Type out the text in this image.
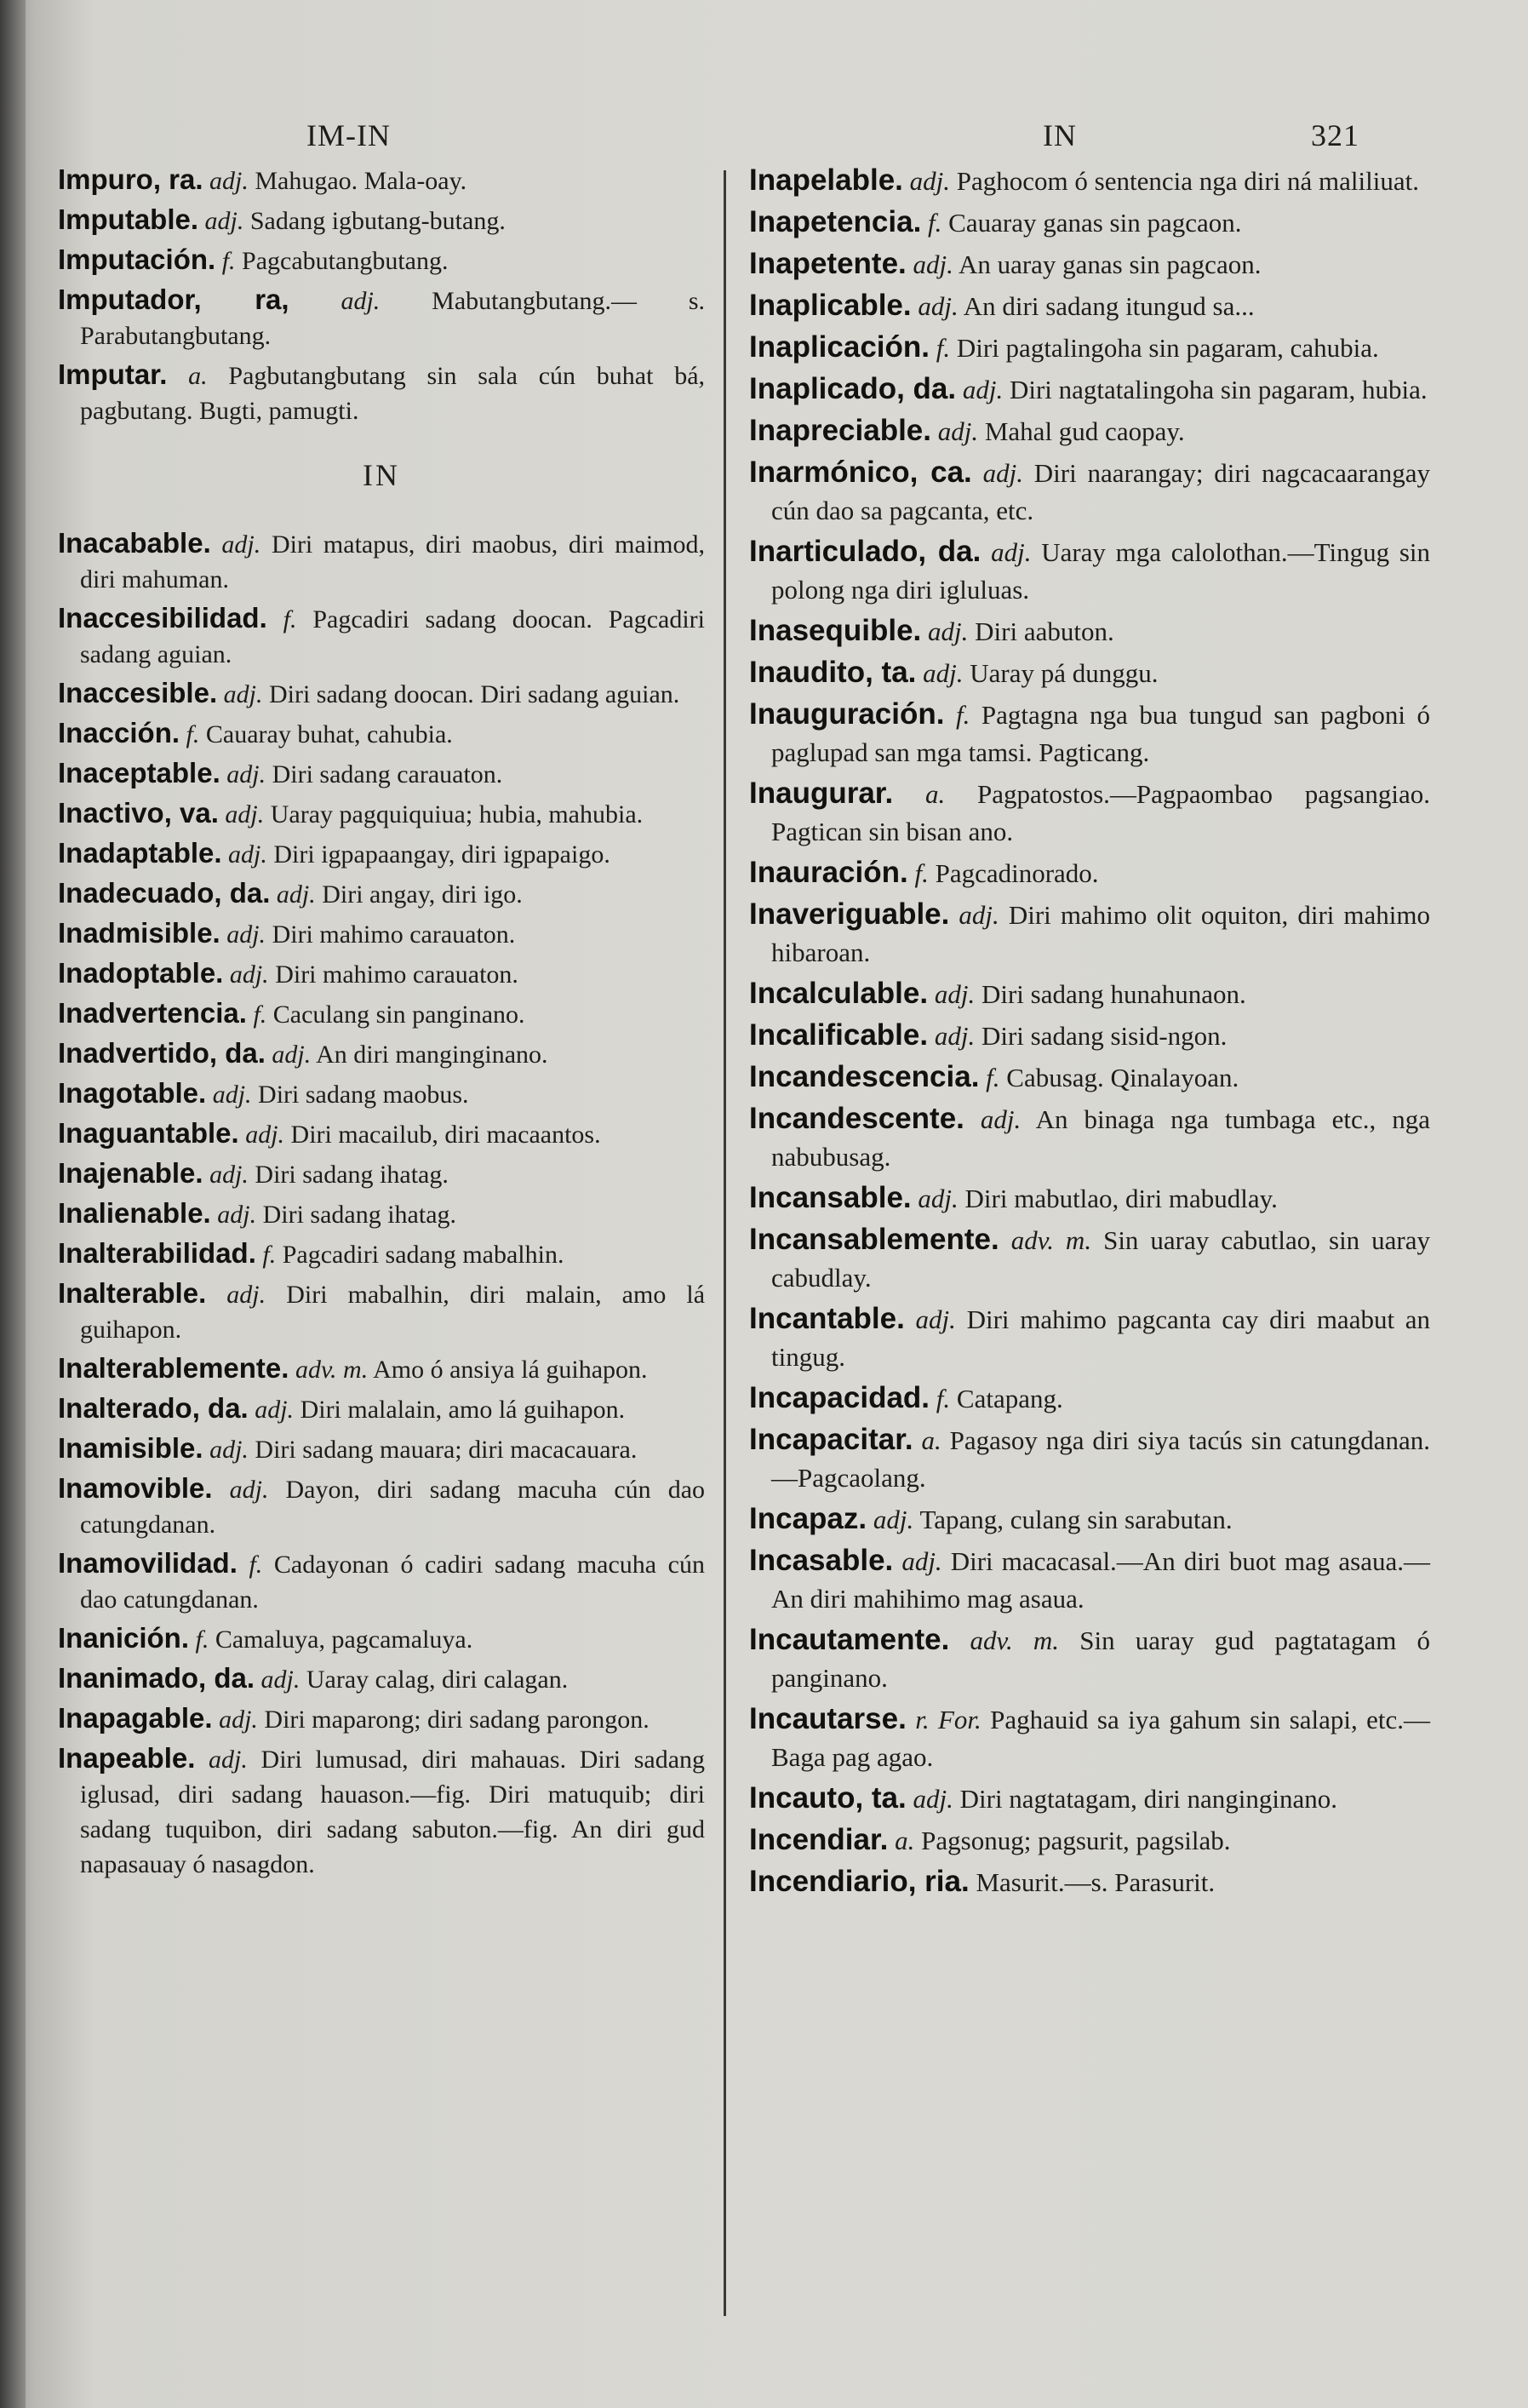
IM-IN	IN	321

Impuro, ra. adj. Mahugao. Mala-oay.

Imputable. adj. Sadang igbutang-butang.

Imputación. f. Pagcabutangbutang.

Imputador, ra, adj. Mabutangbutang.— s. Parabutangbutang.

Imputar. a. Pagbutangbutang sin sala cún buhat bá, pagbutang. Bugti, pamugti.

IN

Inacabable. adj. Diri matapus, diri maobus, diri maimod, diri mahuman.

Inaccesibilidad. f. Pagcadiri sadang doocan. Pagcadiri sadang aguian.

Inaccesible. adj. Diri sadang doocan. Diri sadang aguian.

Inacción. f. Cauaray buhat, cahubia.

Inaceptable. adj. Diri sadang carauaton.

Inactivo, va. adj. Uaray pagquiquiua; hubia, mahubia.

Inadaptable. adj. Diri igpapaangay, diri igpapaigo.

Inadecuado, da. adj. Diri angay, diri igo.

Inadmisible. adj. Diri mahimo carauaton.

Inadoptable. adj. Diri mahimo carauaton.

Inadvertencia. f. Caculang sin panginano.

Inadvertido, da. adj. An diri manginginano.

Inagotable. adj. Diri sadang maobus.

Inaguantable. adj. Diri macailub, diri macaantos.

Inajenable. adj. Diri sadang ihatag.

Inalienable. adj. Diri sadang ihatag.

Inalterabilidad. f. Pagcadiri sadang mabalhin.

Inalterable. adj. Diri mabalhin, diri malain, amo lá guihapon.

Inalterablemente. adv. m. Amo ó ansiya lá guihapon.

Inalterado, da. adj. Diri malalain, amo lá guihapon.

Inamisible. adj. Diri sadang mauara; diri macacauara.

Inamovible. adj. Dayon, diri sadang macuha cún dao catungdanan.

Inamovilidad. f. Cadayonan ó cadiri sadang macuha cún dao catungdanan.

Inanición. f. Camaluya, pagcamaluya.

Inanimado, da. adj. Uaray calag, diri calagan.

Inapagable. adj. Diri maparong; diri sadang parongon.

Inapeable. adj. Diri lumusad, diri mahauas. Diri sadang iglusad, diri sadang hauason.—fig. Diri matuquib; diri sadang tuquibon, diri sadang sabuton.—fig. An diri gud napasauay ó nasagdon.

Inapelable. adj. Paghocom ó sentencia nga diri ná maliliuat.

Inapetencia. f. Cauaray ganas sin pagcaon.

Inapetente. adj. An uaray ganas sin pagcaon.

Inaplicable. adj. An diri sadang itungud sa...

Inaplicación. f. Diri pagtalingoha sin pagaram, cahubia.

Inaplicado, da. adj. Diri nagtatalingoha sin pagaram, hubia.

Inapreciable. adj. Mahal gud caopay.

Inarmónico, ca. adj. Diri naarangay; diri nagcacaarangay cún dao sa pagcanta, etc.

Inarticulado, da. adj. Uaray mga calolothan.—Tingug sin polong nga diri igluluas.

Inasequible. adj. Diri aabuton.

Inaudito, ta. adj. Uaray pá dunggu.

Inauguración. f. Pagtagna nga bua tungud san pagboni ó paglupad san mga tamsi. Pagticang.

Inaugurar. a. Pagpatostos.—Pagpaombao pagsangiao. Pagtican sin bisan ano.

Inauración. f. Pagcadinorado.

Inaveriguable. adj. Diri mahimo olit oquiton, diri mahimo hibaroan.

Incalculable. adj. Diri sadang hunahunaon.

Incalificable. adj. Diri sadang sisid-ngon.

Incandescencia. f. Cabusag. Qinalayoan.

Incandescente. adj. An binaga nga tumbaga etc., nga nabubusag.

Incansable. adj. Diri mabutlao, diri mabudlay.

Incansablemente. adv. m. Sin uaray cabutlao, sin uaray cabudlay.

Incantable. adj. Diri mahimo pagcanta cay diri maabut an tingug.

Incapacidad. f. Catapang.

Incapacitar. a. Pagasoy nga diri siya tacús sin catungdanan.—Pagcaolang.

Incapaz. adj. Tapang, culang sin sarabutan.

Incasable. adj. Diri macacasal.—An diri buot mag asaua.—An diri mahihimo mag asaua.

Incautamente. adv. m. Sin uaray gud pagtatagam ó panginano.

Incautarse. r. For. Paghauid sa iya gahum sin salapi, etc.—Baga pag agao.

Incauto, ta. adj. Diri nagtatagam, diri nanginginano.

Incendiar. a. Pagsonug; pagsurit, pagsilab.

Incendiario, ria. Masurit.—s. Parasurit.
